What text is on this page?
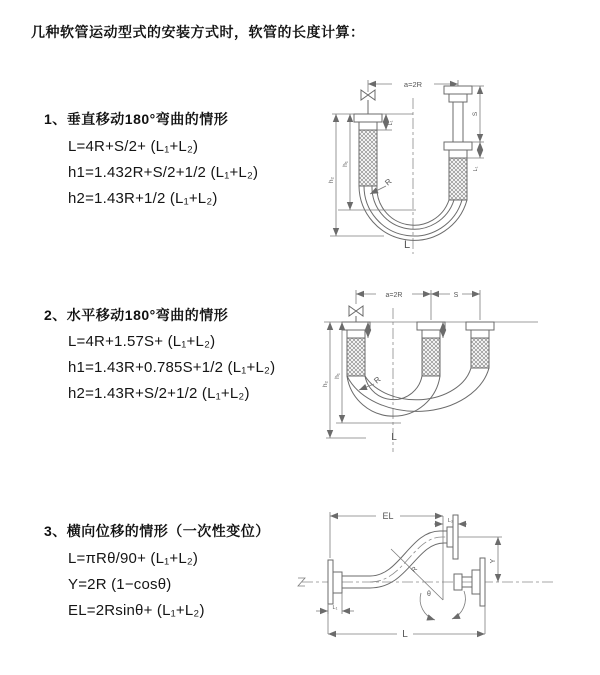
几种软管运动型式的安装方式时，软管的长度计算：
1、垂直移动180°弯曲的情形
L=4R+S/2+ (L₁+L₂)
h1=1.432R+S/2+1/2 (L₁+L₂)
h2=1.43R+1/2 (L₁+L₂)
2、水平移动180°弯曲的情形
L=4R+1.57S+ (L₁+L₂)
h1=1.43R+0.785S+1/2 (L₁+L₂)
h2=1.43R+S/2+1/2 (L₁+L₂)
3、横向位移的情形（一次性变位）
L=πRθ/90+ (L₁+L₂)
Y=2R (1−cosθ)
EL=2Rsinθ+ (L₁+L₂)
a=2R
h₁
h₂
L₁
S
L₁
R
L
a=2R	S
h₁
h₂	R
L
EL	L₂
L₁
Y
R
θ
L
